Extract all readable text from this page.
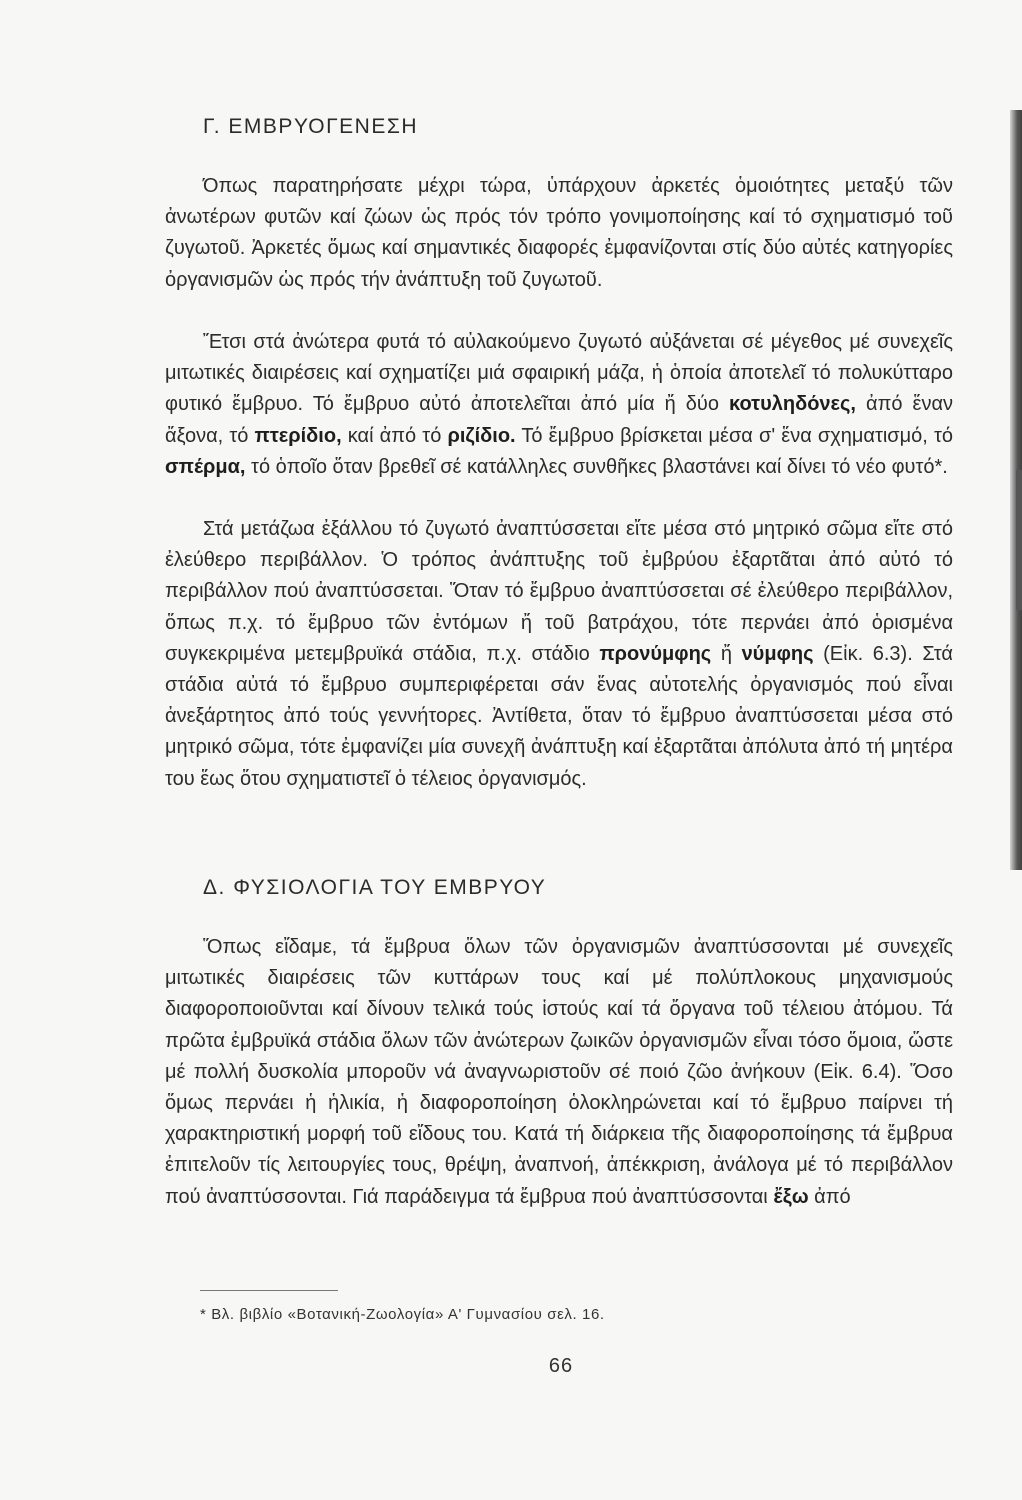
Γ. ΕΜΒΡΥΟΓΕΝΕΣΗ

Όπως παρατηρήσατε μέχρι τώρα, ὑπάρχουν ἀρκετές ὁμοιότητες μεταξύ τῶν ἀνωτέρων φυτῶν καί ζώων ὡς πρός τόν τρόπο γονιμοποίησης καί τό σχηματισμό τοῦ ζυγωτοῦ. Ἀρκετές ὅμως καί σημαντικές διαφορές ἐμφανίζονται στίς δύο αὐτές κατηγορίες ὀργανισμῶν ὡς πρός τήν ἀνάπτυξη τοῦ ζυγωτοῦ.

Ἔτσι στά ἀνώτερα φυτά τό αὐλακούμενο ζυγωτό αὐξάνεται σέ μέγεθος μέ συνεχεῖς μιτωτικές διαιρέσεις καί σχηματίζει μιά σφαιρική μάζα, ἡ ὁποία ἀποτελεῖ τό πολυκύτταρο φυτικό ἔμβρυο. Τό ἔμβρυο αὐτό ἀποτελεῖται ἀπό μία ἤ δύο κοτυληδόνες, ἀπό ἕναν ἄξονα, τό πτερίδιο, καί ἀπό τό ριζίδιο. Τό ἔμβρυο βρίσκεται μέσα σ' ἕνα σχηματισμό, τό σπέρμα, τό ὁποῖο ὅταν βρεθεῖ σέ κατάλληλες συνθῆκες βλαστάνει καί δίνει τό νέο φυτό*.

Στά μετάζωα ἐξάλλου τό ζυγωτό ἀναπτύσσεται εἴτε μέσα στό μητρικό σῶμα εἴτε στό ἐλεύθερο περιβάλλον. Ὁ τρόπος ἀνάπτυξης τοῦ ἐμβρύου ἐξαρτᾶται ἀπό αὐτό τό περιβάλλον πού ἀναπτύσσεται. Ὅταν τό ἔμβρυο ἀναπτύσσεται σέ ἐλεύθερο περιβάλλον, ὅπως π.χ. τό ἔμβρυο τῶν ἐντόμων ἤ τοῦ βατράχου, τότε περνάει ἀπό ὁρισμένα συγκεκριμένα μετεμβρυϊκά στάδια, π.χ. στάδιο προνύμφης ἤ νύμφης (Εἰκ. 6.3). Στά στάδια αὐτά τό ἔμβρυο συμπεριφέρεται σάν ἕνας αὐτοτελής ὀργανισμός πού εἶναι ἀνεξάρτητος ἀπό τούς γεννήτορες. Ἀντίθετα, ὅταν τό ἔμβρυο ἀναπτύσσεται μέσα στό μητρικό σῶμα, τότε ἐμφανίζει μία συνεχῆ ἀνάπτυξη καί ἐξαρτᾶται ἀπόλυτα ἀπό τή μητέρα του ἕως ὅτου σχηματιστεῖ ὁ τέλειος ὀργανισμός.

Δ. ΦΥΣΙΟΛΟΓΙΑ ΤΟΥ ΕΜΒΡΥΟΥ

Ὅπως εἴδαμε, τά ἔμβρυα ὅλων τῶν ὀργανισμῶν ἀναπτύσσονται μέ συνεχεῖς μιτωτικές διαιρέσεις τῶν κυττάρων τους καί μέ πολύπλοκους μηχανισμούς διαφοροποιοῦνται καί δίνουν τελικά τούς ἱστούς καί τά ὄργανα τοῦ τέλειου ἀτόμου. Τά πρῶτα ἐμβρυϊκά στάδια ὅλων τῶν ἀνώτερων ζωικῶν ὀργανισμῶν εἶναι τόσο ὅμοια, ὥστε μέ πολλή δυσκολία μποροῦν νά ἀναγνωριστοῦν σέ ποιό ζῶο ἀνήκουν (Εἰκ. 6.4). Ὅσο ὅμως περνάει ἡ ἡλικία, ἡ διαφοροποίηση ὁλοκληρώνεται καί τό ἔμβρυο παίρνει τή χαρακτηριστική μορφή τοῦ εἴδους του. Κατά τή διάρκεια τῆς διαφοροποίησης τά ἔμβρυα ἐπιτελοῦν τίς λειτουργίες τους, θρέψη, ἀναπνοή, ἀπέκκριση, ἀνάλογα μέ τό περιβάλλον πού ἀναπτύσσονται. Γιά παράδειγμα τά ἔμβρυα πού ἀναπτύσσονται ἔξω ἀπό

* Βλ. βιβλίο «Βοτανική-Ζωολογία» Α' Γυμνασίου σελ. 16.

66
